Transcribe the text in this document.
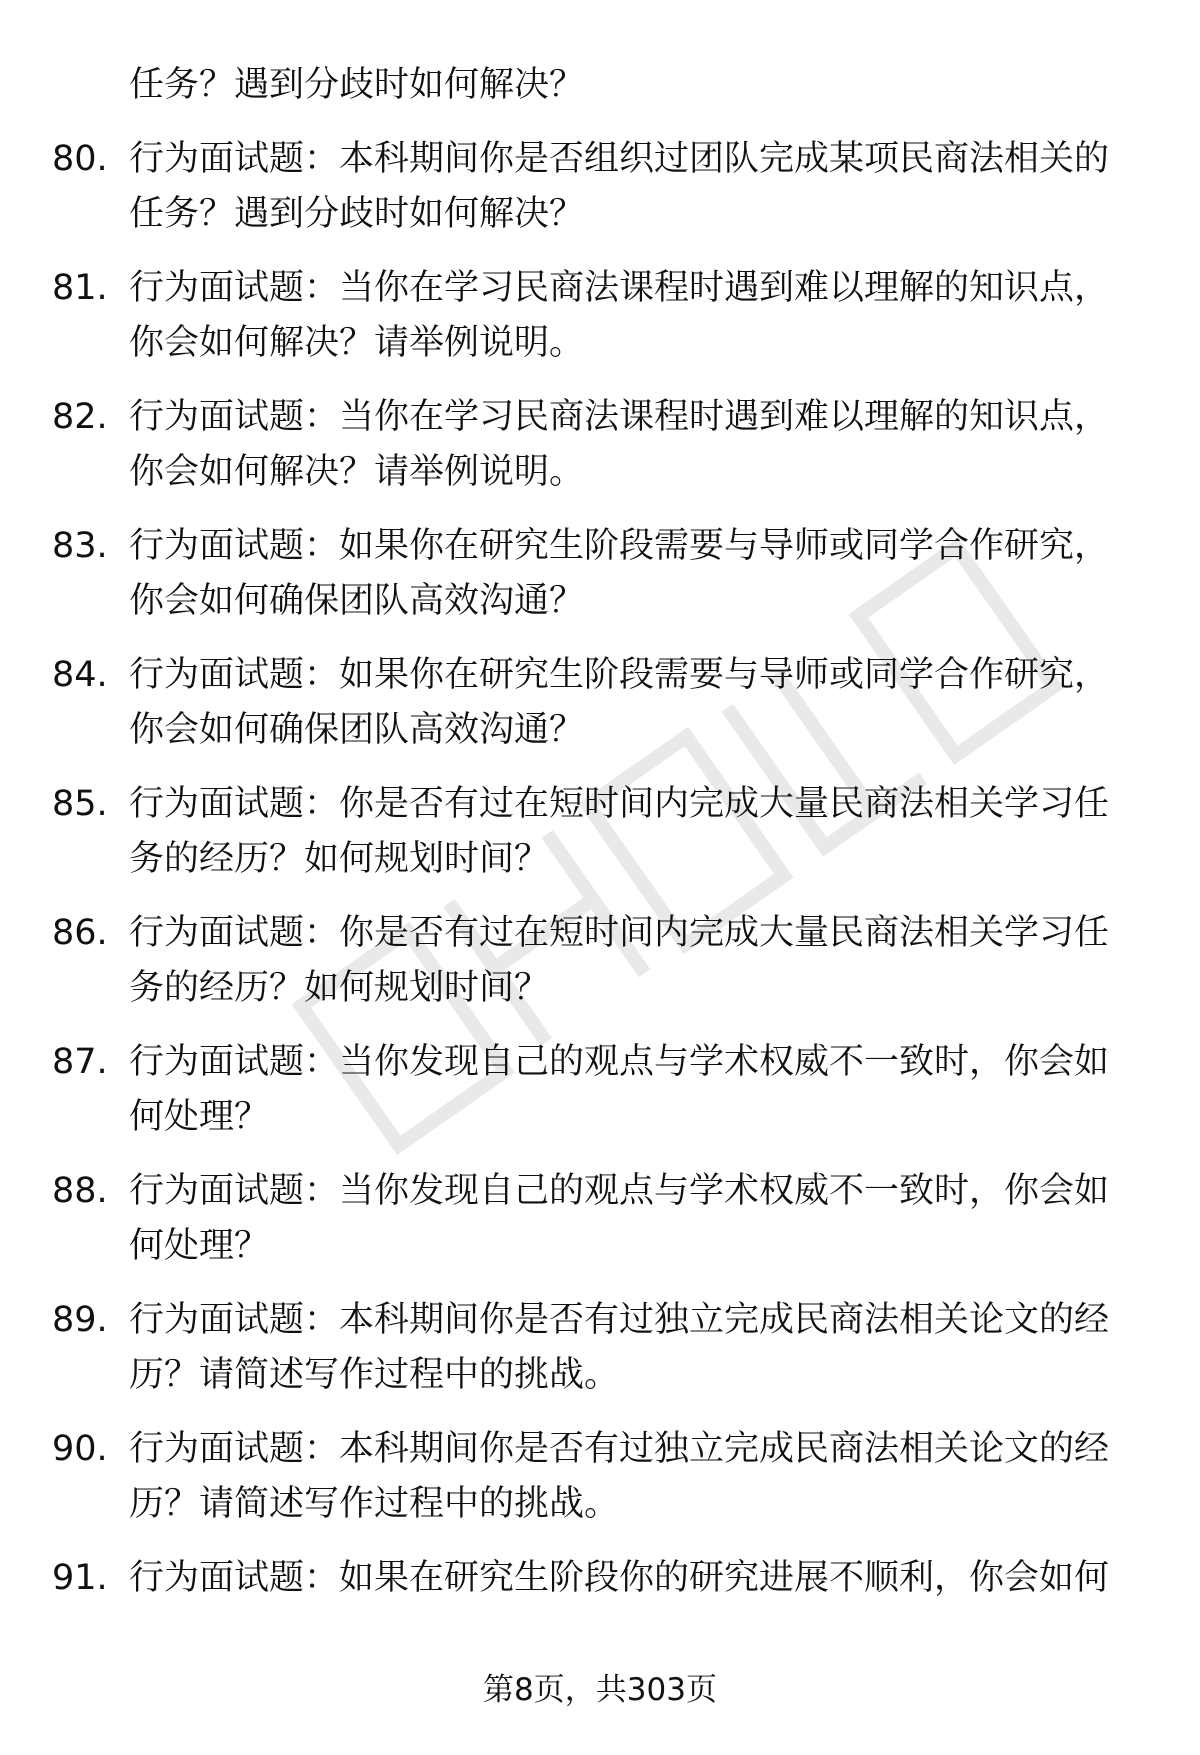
任务？遇到分歧时如何解决？
80. 行为面试题：本科期间你是否组织过团队完成某项民商法相关的任务？遇到分歧时如何解决？
81. 行为面试题：当你在学习民商法课程时遇到难以理解的知识点，你会如何解决？请举例说明。
82. 行为面试题：当你在学习民商法课程时遇到难以理解的知识点，你会如何解决？请举例说明。
83. 行为面试题：如果你在研究生阶段需要与导师或同学合作研究，你会如何确保团队高效沟通？
84. 行为面试题：如果你在研究生阶段需要与导师或同学合作研究，你会如何确保团队高效沟通？
85. 行为面试题：你是否有过在短时间内完成大量民商法相关学习任务的经历？如何规划时间？
86. 行为面试题：你是否有过在短时间内完成大量民商法相关学习任务的经历？如何规划时间？
87. 行为面试题：当你发现自己的观点与学术权威不一致时，你会如何处理？
88. 行为面试题：当你发现自己的观点与学术权威不一致时，你会如何处理？
89. 行为面试题：本科期间你是否有过独立完成民商法相关论文的经历？请简述写作过程中的挑战。
90. 行为面试题：本科期间你是否有过独立完成民商法相关论文的经历？请简述写作过程中的挑战。
91. 行为面试题：如果在研究生阶段你的研究进展不顺利，你会如何
第8页，共303页
